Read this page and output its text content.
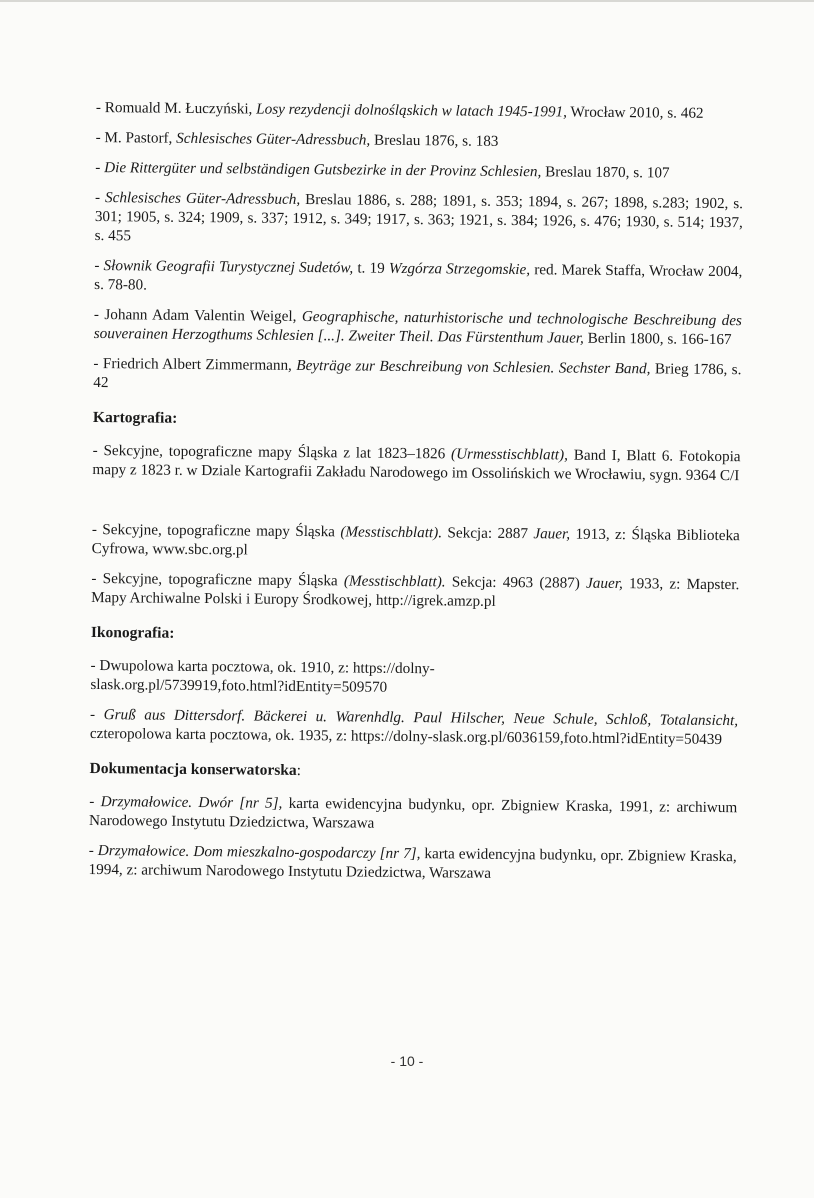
- Romuald M. Łuczyński, Losy rezydencji dolnośląskich w latach 1945-1991, Wrocław 2010, s. 462

- M. Pastorf, Schlesisches Güter-Adressbuch, Breslau 1876, s. 183

- Die Rittergüter und selbständigen Gutsbezirke in der Provinz Schlesien, Breslau 1870, s. 107

- Schlesisches Güter-Adressbuch, Breslau 1886, s. 288; 1891, s. 353; 1894, s. 267; 1898, s.283; 1902, s. 301; 1905, s. 324; 1909, s. 337; 1912, s. 349; 1917, s. 363; 1921, s. 384; 1926, s. 476; 1930, s. 514; 1937, s. 455

- Słownik Geografii Turystycznej Sudetów, t. 19 Wzgórza Strzegomskie, red. Marek Staffa, Wrocław 2004, s. 78-80.

- Johann Adam Valentin Weigel, Geographische, naturhistorische und technologische Beschreibung des souverainen Herzogthums Schlesien [...]. Zweiter Theil. Das Fürstenthum Jauer, Berlin 1800, s. 166-167

- Friedrich Albert Zimmermann, Beyträge zur Beschreibung von Schlesien. Sechster Band, Brieg 1786, s. 42

Kartografia:

- Sekcyjne, topograficzne mapy Śląska z lat 1823–1826 (Urmesstischblatt), Band I, Blatt 6. Fotokopia mapy z 1823 r. w Dziale Kartografii Zakładu Narodowego im Ossolińskich we Wrocławiu, sygn. 9364 C/I

- Sekcyjne, topograficzne mapy Śląska (Messtischblatt). Sekcja: 2887 Jauer, 1913, z: Śląska Biblioteka Cyfrowa, www.sbc.org.pl

- Sekcyjne, topograficzne mapy Śląska (Messtischblatt). Sekcja: 4963 (2887) Jauer, 1933, z: Mapster. Mapy Archiwalne Polski i Europy Środkowej, http://igrek.amzp.pl

Ikonografia:

- Dwupolowa karta pocztowa, ok. 1910, z: https://dolny-
slask.org.pl/5739919,foto.html?idEntity=509570

- Gruß aus Dittersdorf. Bäckerei u. Warenhdlg. Paul Hilscher, Neue Schule, Schloß, Totalansicht, czteropolowa karta pocztowa, ok. 1935, z: https://dolny-slask.org.pl/6036159,foto.html?idEntity=50439

Dokumentacja konserwatorska:

- Drzymałowice. Dwór [nr 5], karta ewidencyjna budynku, opr. Zbigniew Kraska, 1991, z: archiwum Narodowego Instytutu Dziedzictwa, Warszawa

- Drzymałowice. Dom mieszkalno-gospodarczy [nr 7], karta ewidencyjna budynku, opr. Zbigniew Kraska, 1994, z: archiwum Narodowego Instytutu Dziedzictwa, Warszawa

- 10 -
